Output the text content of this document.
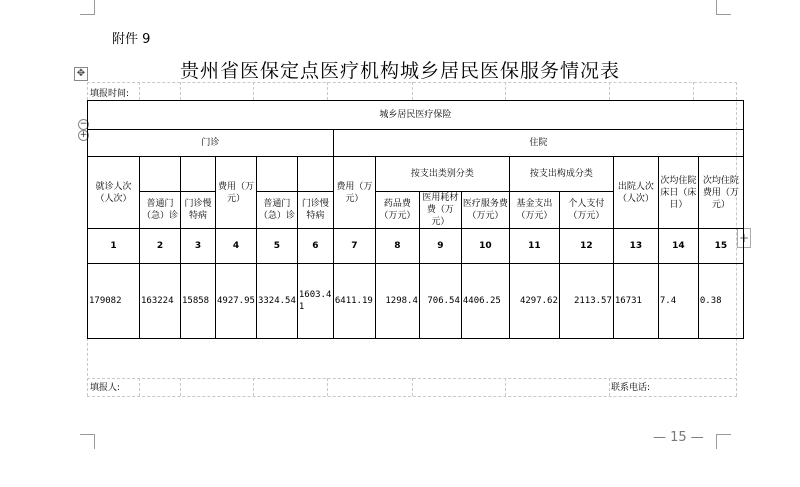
附件 9
贵州省医保定点医疗机构城乡居民医保服务情况表
✥
−
+
+
填报时间:
城乡居民医疗保险														
门诊						住院								
就诊人次（人次）			费用（万元）			费用（万元）	按支出类别分类			按支出构成分类		出院人次（人次）	次均住院床日（床日）	次均住院费用（万元）
	普通门（急）诊	门诊慢特病		普通门（急）诊	门诊慢特病		药品费（万元）	医用耗材费（万元）	医疗服务费（万元）	基金支出（万元）	个人支付（万元）			

1	2	3	4	5	6	7	8	9	10	11	12	13	14	15
179082	163224	15858	4927.95	3324.54	1603.41	6411.19	1298.4	706.54	4406.25	4297.62	2113.57	16731	7.4	0.38
填报人:	联系电话:
— 15 —
